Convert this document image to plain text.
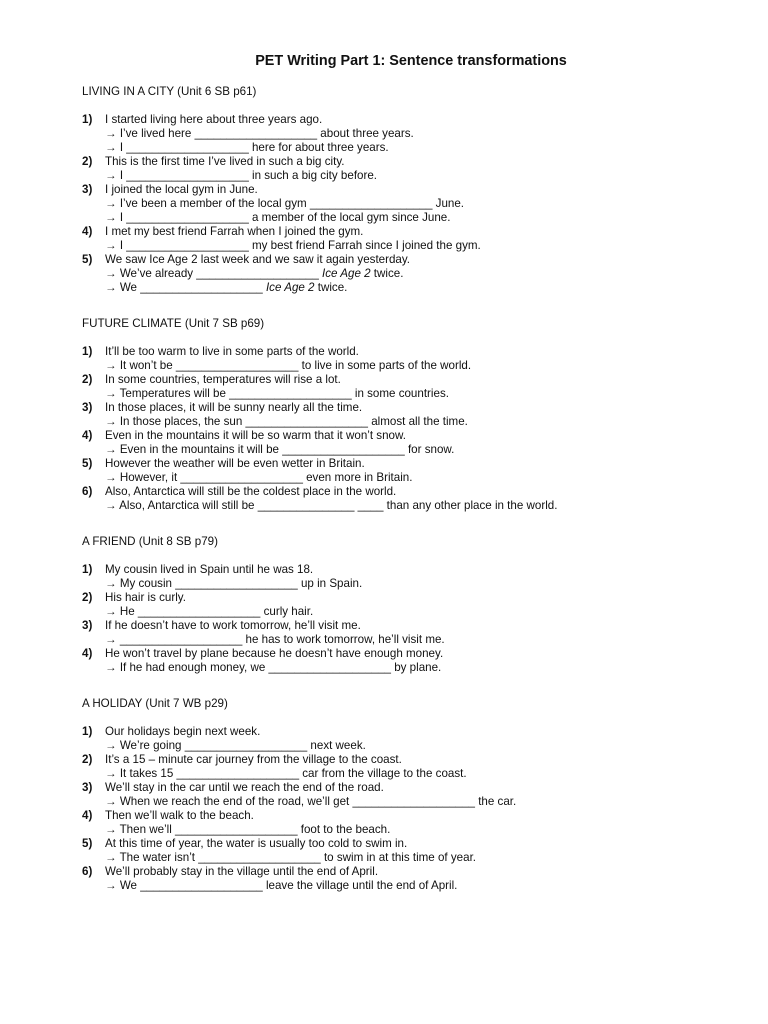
PET Writing Part 1: Sentence transformations
LIVING IN A CITY (Unit 6 SB p61)
1)	I started living here about three years ago.
→ I’ve lived here ___________________ about three years.
→ I ___________________ here for about three years.
2)	This is the first time I’ve lived in such a big city.
→ I ___________________ in such a big city before.
3)	I joined the local gym in June.
→ I’ve been a member of the local gym ___________________ June.
→ I ___________________ a member of the local gym since June.
4)	I met my best friend Farrah when I joined the gym.
→ I ___________________ my best friend Farrah since I joined the gym.
5)	We saw Ice Age 2 last week and we saw it again yesterday.
→ We’ve already ___________________ Ice Age 2 twice.
→ We ___________________ Ice Age 2 twice.
FUTURE CLIMATE (Unit 7 SB p69)
1)	It’ll be too warm to live in some parts of the world.
→ It won’t be ___________________ to live in some parts of the world.
2)	In some countries, temperatures will rise a lot.
→ Temperatures will be ___________________ in some countries.
3)	In those places, it will be sunny nearly all the time.
→ In those places, the sun ___________________ almost all the time.
4)	Even in the mountains it will be so warm that it won’t snow.
→ Even in the mountains it will be ___________________ for snow.
5)	However the weather will be even wetter in Britain.
→ However, it ___________________ even more in Britain.
6)	Also, Antarctica will still be the coldest place in the world.
→ Also, Antarctica will still be _______________ ____ than any other place in the world.
A FRIEND (Unit 8 SB p79)
1)	My cousin lived in Spain until he was 18.
→ My cousin ___________________ up in Spain.
2)	His hair is curly.
→ He ___________________ curly hair.
3)	If he doesn’t have to work tomorrow, he’ll visit me.
→ ___________________ he has to work tomorrow, he’ll visit me.
4)	He won’t travel by plane because he doesn’t have enough money.
→ If he had enough money, we ___________________ by plane.
A HOLIDAY (Unit 7 WB p29)
1)	Our holidays begin next week.
→ We’re going ___________________ next week.
2)	It’s a 15 – minute car journey from the village to the coast.
→ It takes 15 ___________________ car from the village to the coast.
3)	We’ll stay in the car until we reach the end of the road.
→ When we reach the end of the road, we’ll get ___________________ the car.
4)	Then we’ll walk to the beach.
→ Then we’ll ___________________ foot to the beach.
5)	At this time of year, the water is usually too cold to swim in.
→ The water isn’t ___________________ to swim in at this time of year.
6)	We’ll probably stay in the village until the end of April.
→ We ___________________ leave the village until the end of April.
